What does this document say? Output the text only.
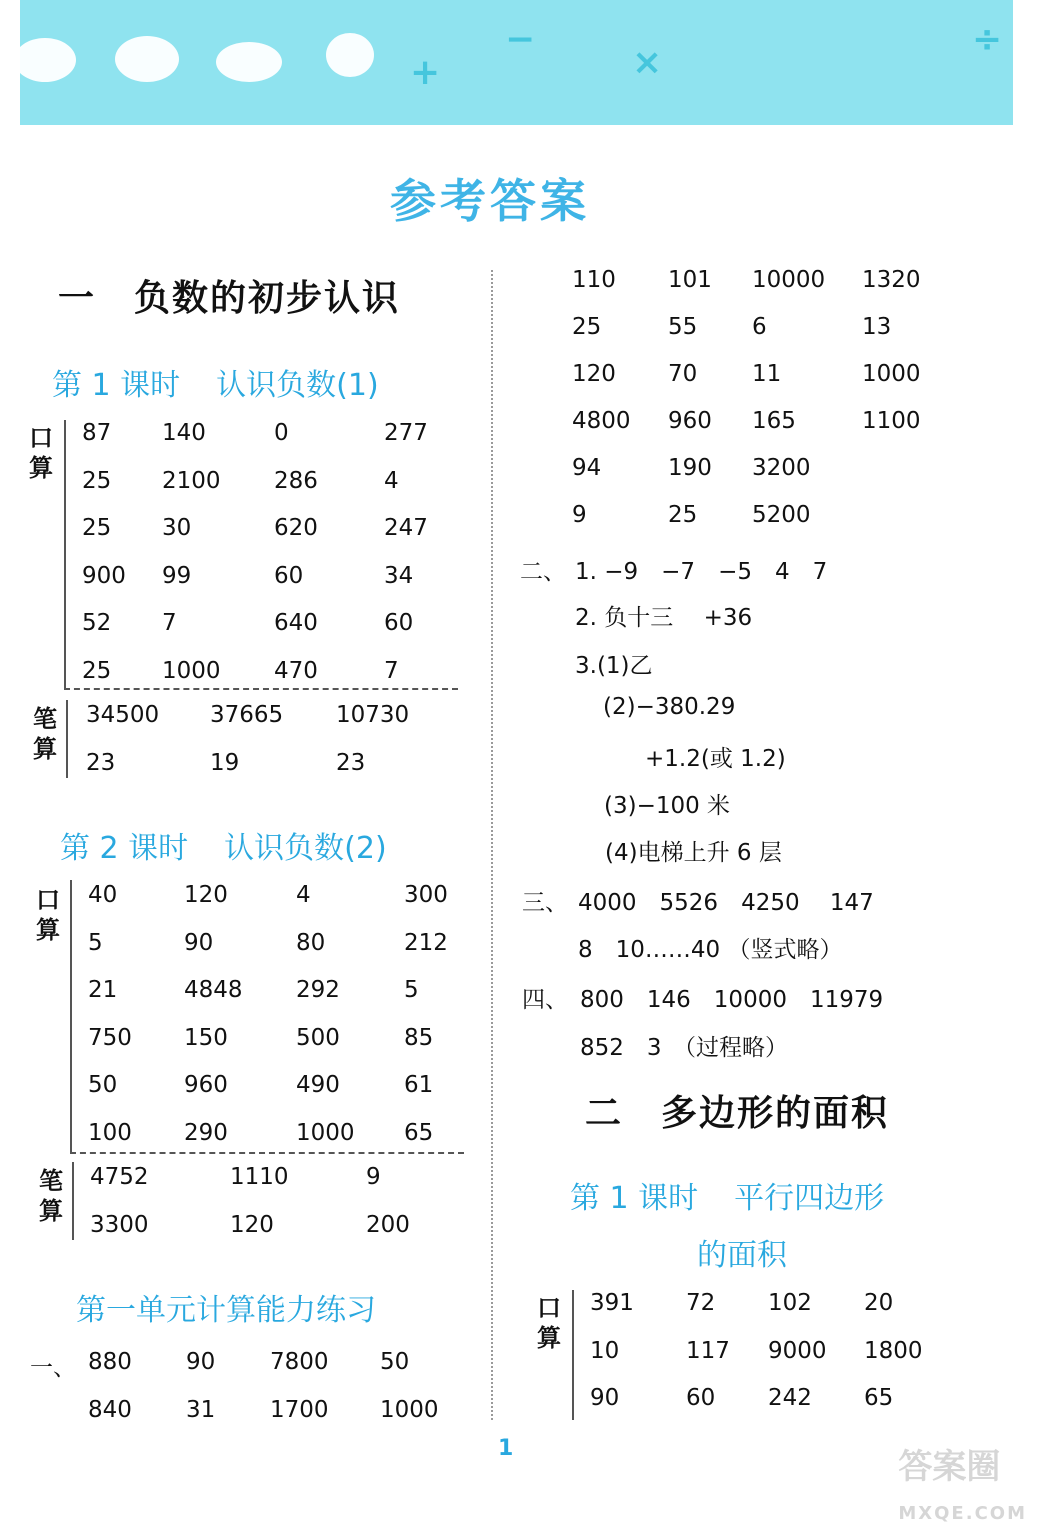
+
−
×
÷
参考答案
一　负数的初步认识
第 1 课时 认识负数(1)
口算
87 140	0	277
25 2100 286	4
25 30	620	247
900 99	60	34
52 7	640	60
25 1000 470	7
笔算
34500 37665 10730
23	19	23
第 2 课时 认识负数(2)
口算
40	120	4	300
5	90	80	212
21	4848 292	5
750 150	500	85
50	960	490	61
100 290	1000 65
笔算
4752	1110	9
3300	120	200
第一单元计算能力练习
一、 880 90 7800 50
840 31 1700 1000
110 101 10000 1320
25	55 6	13
120 70 11	1000
4800 960 165	1100
94	190 3200
9	25 5200
二、 1. −9　−7　−5　4　7
2. 负十三　 +36
3.(1)乙
(2)−380.29
+1.2(或 1.2)
(3)−100 米
(4)电梯上升 6 层
三、 4000　5526　4250　 147
8　10……40 （竖式略）
四、 800　146　10000　11979
852　3　（过程略）
二　多边形的面积
第 1 课时 平行四边形
的面积
口算
391 72 102 20
10	117 9000 1800
90	60 242 65
1	答案圈
MXQE.COM
